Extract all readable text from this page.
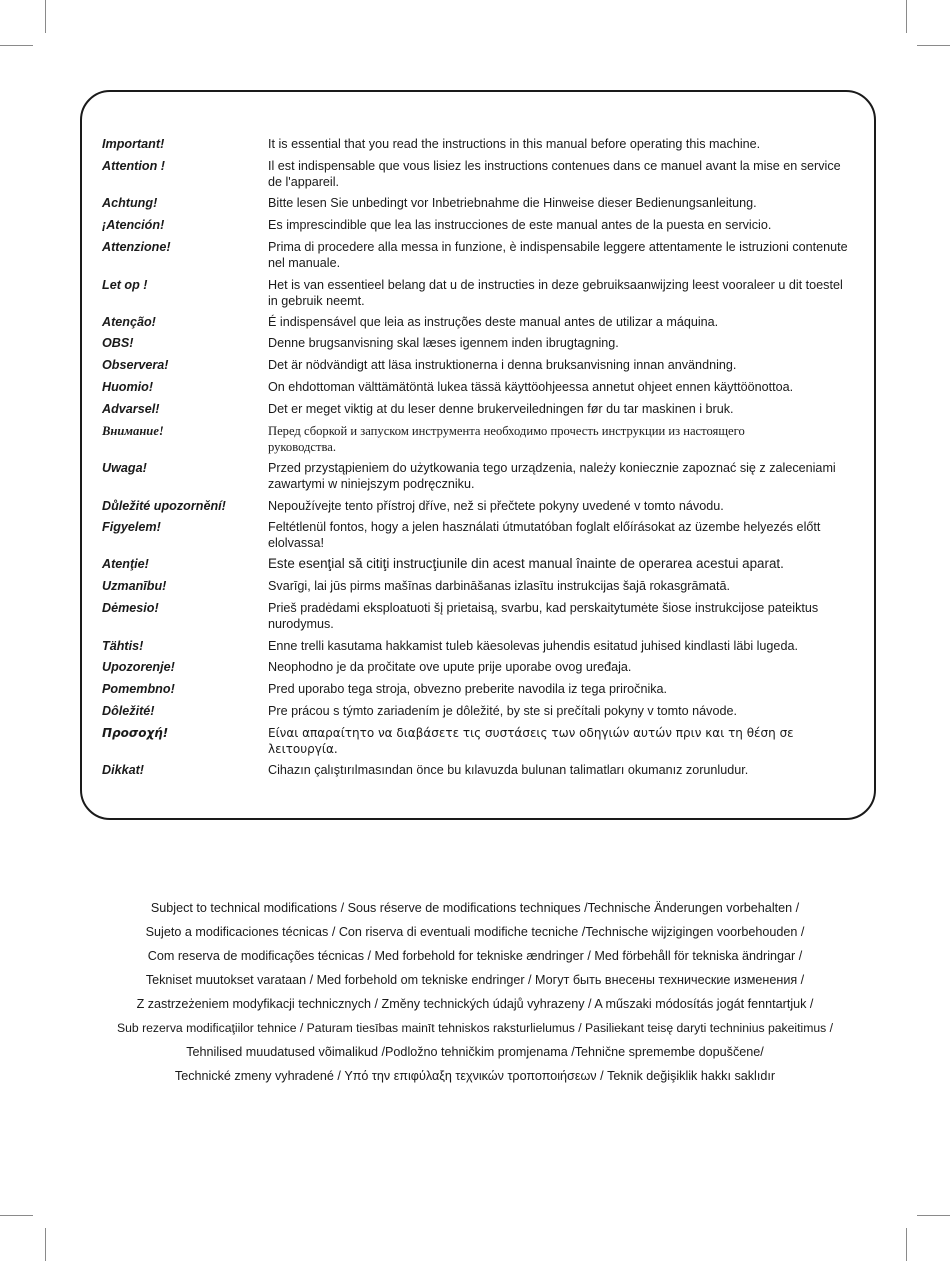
Important!	It is essential that you read the instructions in this manual before operating this machine.
Attention !	Il est indispensable que vous lisiez les instructions contenues dans ce manuel avant la mise en service
de l'appareil.
Achtung!	Bitte lesen Sie unbedingt vor Inbetriebnahme die Hinweise dieser Bedienungsanleitung.
¡Atención!	Es imprescindible que lea las instrucciones de este manual antes de la puesta en servicio.
Attenzione!	Prima di procedere alla messa in funzione, è indispensabile leggere attentamente le istruzioni contenute
nel manuale.
Let op !	Het is van essentieel belang dat u de instructies in deze gebruiksaanwijzing leest vooraleer u dit toestel
in gebruik neemt.
Atenção!	É indispensável que leia as instruções deste manual antes de utilizar a máquina.
OBS!	Denne brugsanvisning skal læses igennem inden ibrugtagning.
Observera!	Det är nödvändigt att läsa instruktionerna i denna bruksanvisning innan användning.
Huomio!	On ehdottoman välttämätöntä lukea tässä käyttöohjeessa annetut ohjeet ennen käyttöönottoa.
Advarsel!	Det er meget viktig at du leser denne brukerveiledningen før du tar maskinen i bruk.
Внимание!	Перед сборкой и запуском инструмента необходимо прочесть инструкции из настоящего
руководства.
Uwaga!	Przed przystąpieniem do użytkowania tego urządzenia, należy koniecznie zapoznać się z zaleceniami
zawartymi w niniejszym podręczniku.
Důležité upozornění!	Nepoužívejte tento přístroj dříve, než si přečtete pokyny uvedené v tomto návodu.
Figyelem!	Feltétlenül fontos, hogy a jelen használati útmutatóban foglalt előírásokat az üzembe helyezés előtt
elolvassa!
Atenţie!	Este esenţial să citiţi instrucţiunile din acest manual înainte de operarea acestui aparat.
Uzmanību!	Svarīgi, lai jūs pirms mašīnas darbināšanas izlasītu instrukcijas šajā rokasgrāmatā.
Dėmesio!	Prieš pradėdami eksploatuoti šį prietaisą, svarbu, kad perskaitytumėte šiose instrukcijose pateiktus
nurodymus.
Tähtis!	Enne trelli kasutama hakkamist tuleb käesolevas juhendis esitatud juhised kindlasti läbi lugeda.
Upozorenje!	Neophodno je da pročitate ove upute prije uporabe ovog uređaja.
Pomembno!	Pred uporabo tega stroja, obvezno preberite navodila iz tega priročnika.
Dôležité!	Pre prácou s týmto zariadením je dôležité, by ste si prečítali pokyny v tomto návode.
Προσοχή!	Είναι απαραίτητο να διαβάσετε τις συστάσεις των οδηγιών αυτών πριν και τη θέση σε
λειτουργία.
Dikkat!	Cihazın çalıştırılmasından önce bu kılavuzda bulunan talimatları okumanız zorunludur.
Subject to technical modifications / Sous réserve de modifications techniques /Technische Änderungen vorbehalten /
Sujeto a modificaciones técnicas / Con riserva di eventuali modifiche tecniche /Technische wijzigingen voorbehouden /
Com reserva de modificações técnicas / Med forbehold for tekniske ændringer / Med förbehåll för tekniska ändringar /
Tekniset muutokset varataan / Med forbehold om tekniske endringer / Могут быть внесены технические изменения /
Z zastrzeżeniem modyfikacji technicznych / Změny technických údajů vyhrazeny / A műszaki módosítás jogát fenntartjuk /
Sub rezerva modificaţiilor tehnice / Paturam tiesības mainīt tehniskos raksturlielumus / Pasiliekant teisę daryti techninius pakeitimus /
Tehnilised muudatused võimalikud /Podložno tehničkim promjenama /Tehnične spremembe dopuščene/
Technické zmeny vyhradené / Υπό την επιφύλαξη τεχνικών τροποποιήσεων / Teknik değişiklik hakkı saklıdır
